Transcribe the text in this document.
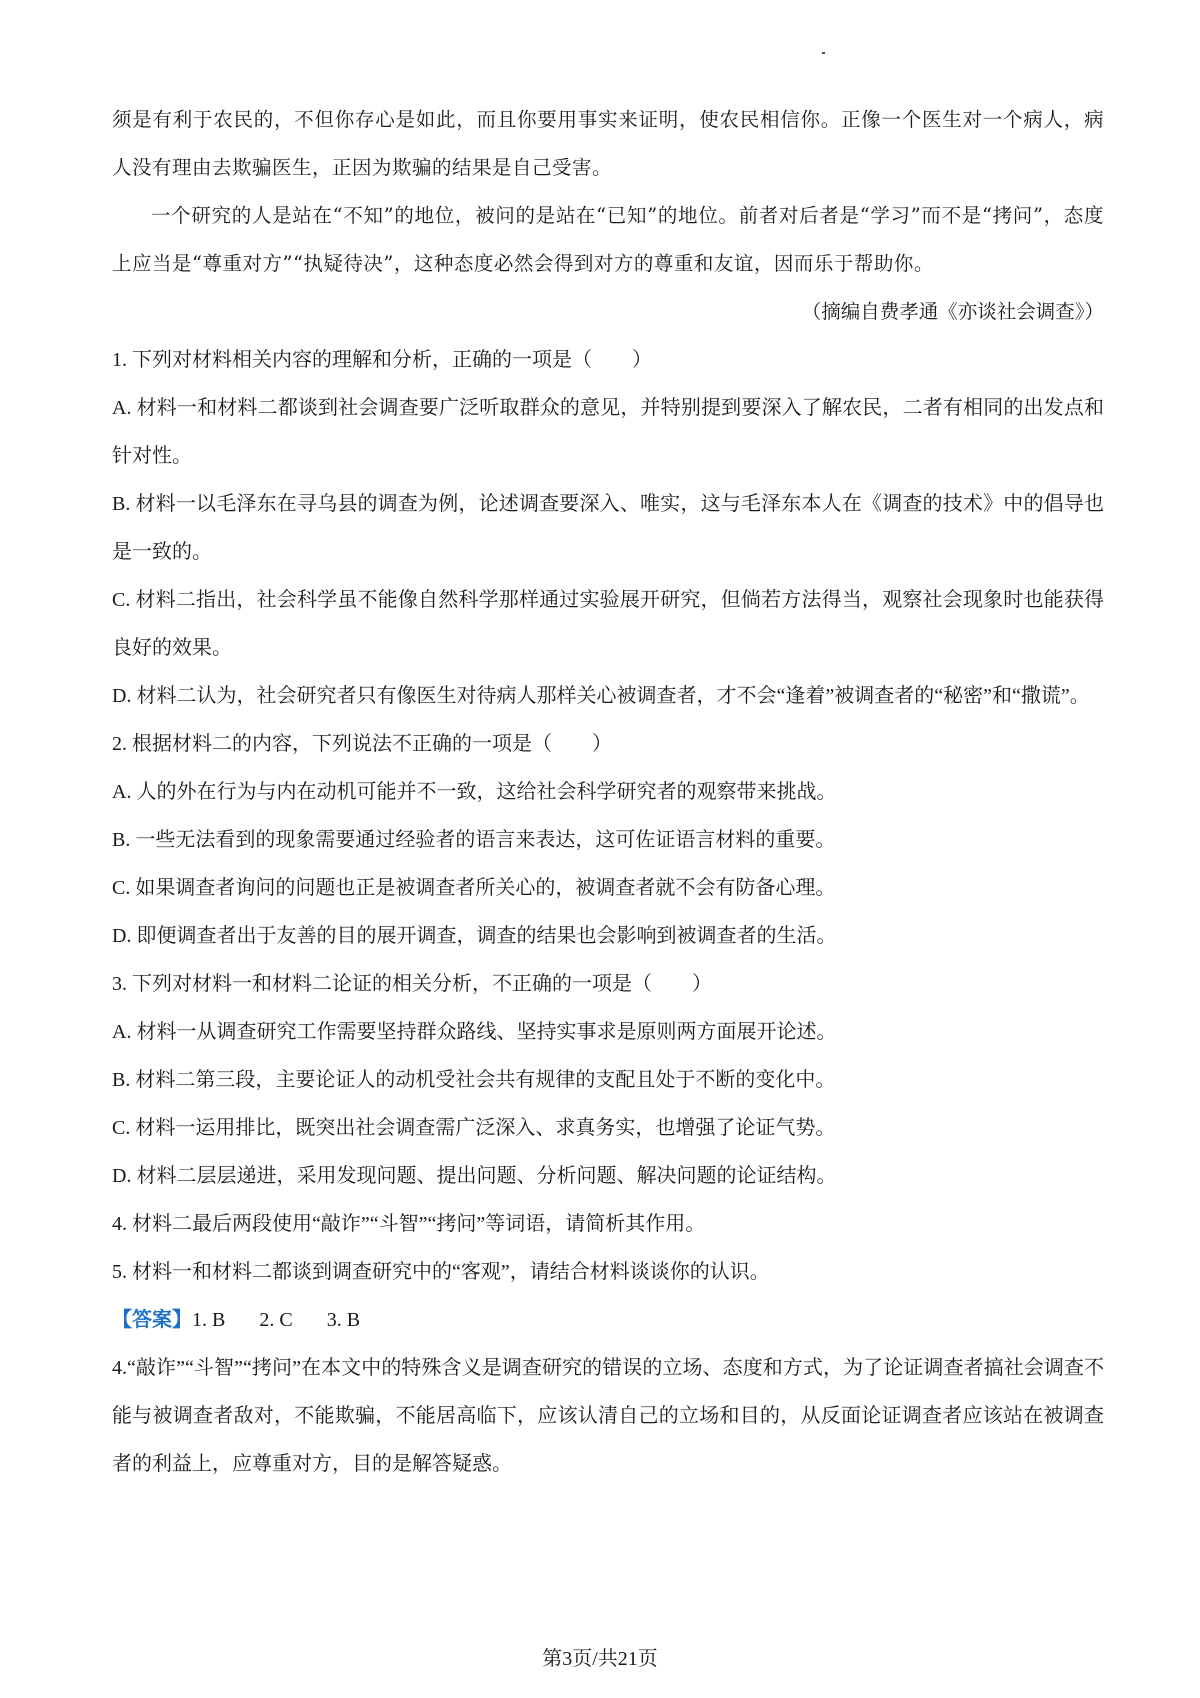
须是有利于农民的，不但你存心是如此，而且你要用事实来证明，使农民相信你。正像一个医生对一个病人，病人没有理由去欺骗医生，正因为欺骗的结果是自己受害。

一个研究的人是站在“不知”的地位，被问的是站在“已知”的地位。前者对后者是“学习”而不是“拷问”，态度上应当是“尊重对方”“执疑待决”，这种态度必然会得到对方的尊重和友谊，因而乐于帮助你。

（摘编自费孝通《亦谈社会调查》）

1. 下列对材料相关内容的理解和分析，正确的一项是（　　）

A. 材料一和材料二都谈到社会调查要广泛听取群众的意见，并特别提到要深入了解农民，二者有相同的出发点和针对性。

B. 材料一以毛泽东在寻乌县的调查为例，论述调查要深入、唯实，这与毛泽东本人在《调查的技术》中的倡导也是一致的。

C. 材料二指出，社会科学虽不能像自然科学那样通过实验展开研究，但倘若方法得当，观察社会现象时也能获得良好的效果。

D. 材料二认为，社会研究者只有像医生对待病人那样关心被调查者，才不会“逢着”被调查者的“秘密”和“撒谎”。

2. 根据材料二的内容，下列说法不正确的一项是（　　）

A. 人的外在行为与内在动机可能并不一致，这给社会科学研究者的观察带来挑战。

B. 一些无法看到的现象需要通过经验者的语言来表达，这可佐证语言材料的重要。

C. 如果调查者询问的问题也正是被调查者所关心的，被调查者就不会有防备心理。

D. 即便调查者出于友善的目的展开调查，调查的结果也会影响到被调查者的生活。

3. 下列对材料一和材料二论证的相关分析，不正确的一项是（　　）

A. 材料一从调查研究工作需要坚持群众路线、坚持实事求是原则两方面展开论述。

B. 材料二第三段，主要论证人的动机受社会共有规律的支配且处于不断的变化中。

C. 材料一运用排比，既突出社会调查需广泛深入、求真务实，也增强了论证气势。

D. 材料二层层递进，采用发现问题、提出问题、分析问题、解决问题的论证结构。

4. 材料二最后两段使用“敲诈”“斗智”“拷问”等词语，请简析其作用。

5. 材料一和材料二都谈到调查研究中的“客观”，请结合材料谈谈你的认识。

【答案】1. B 2. C 3. B

4.“敲诈”“斗智”“拷问”在本文中的特殊含义是调查研究的错误的立场、态度和方式，为了论证调查者搞社会调查不能与被调查者敌对，不能欺骗，不能居高临下，应该认清自己的立场和目的，从反面论证调查者应该站在被调查者的利益上，应尊重对方，目的是解答疑惑。

第3页/共21页
